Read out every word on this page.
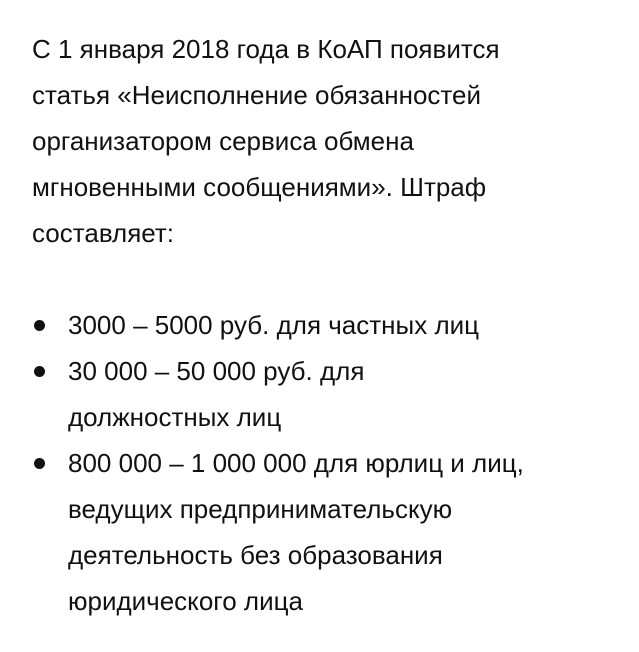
С 1 января 2018 года в КоАП появится
статья «Неисполнение обязанностей
организатором сервиса обмена
мгновенными сообщениями». Штраф
составляет:

3000 – 5000 руб. для частных лиц
30 000 – 50 000 руб. для
должностных лиц
800 000 – 1 000 000 для юрлиц и лиц,
ведущих предпринимательскую
деятельность без образования
юридического лица
